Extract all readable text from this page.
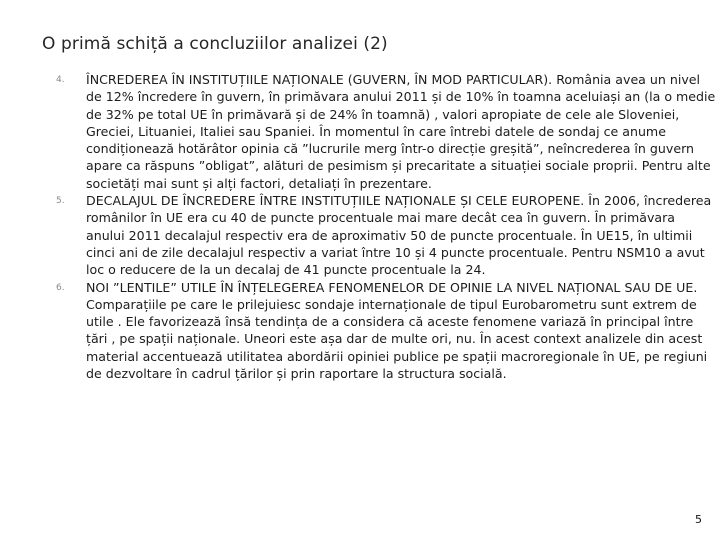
O primă schiță a concluziilor analizei (2)
4.	ÎNCREDEREA ÎN INSTITUȚIILE NAȚIONALE (GUVERN, ÎN MOD PARTICULAR). România avea un nivel de 12% încredere în guvern, în primăvara anului 2011 și de 10% în toamna aceluiași an (la o medie de 32% pe total UE în primăvară și de 24% în toamnă) , valori apropiate de cele ale Sloveniei, Greciei, Lituaniei, Italiei sau Spaniei. În momentul în care întrebi datele de sondaj ce anume condiționează hotărâtor opinia că ”lucrurile merg într-o direcție greșită”, neîncrederea în guvern apare ca răspuns ”obligat”, alături de pesimism și precaritate a situației sociale proprii. Pentru alte societăți mai sunt și alți factori, detaliați în prezentare.
5.	DECALAJUL DE ÎNCREDERE ÎNTRE INSTITUȚIILE NAȚIONALE ȘI CELE EUROPENE. În 2006, încrederea românilor în UE era cu 40 de puncte procentuale mai mare decât cea în guvern. În primăvara anului 2011 decalajul respectiv era de aproximativ 50 de puncte procentuale. În UE15, în ultimii cinci ani de zile decalajul respectiv a variat între 10 și 4 puncte procentuale. Pentru NSM10 a avut loc o reducere de la un decalaj de 41 puncte procentuale la 24.
6.	NOI ”LENTILE” UTILE ÎN ÎNȚELEGEREA FENOMENELOR DE OPINIE LA NIVEL NAȚIONAL SAU DE UE. Comparațiile pe care le prilejuiesc sondaje internaționale de tipul Eurobarometru sunt extrem de utile . Ele favorizează însă tendința de a considera că aceste fenomene variază în principal între țări , pe spații naționale. Uneori este așa dar de multe ori, nu. În acest context analizele din acest material accentuează utilitatea abordării opiniei publice pe spații macroregionale în UE, pe regiuni de dezvoltare în cadrul țărilor și prin raportare la structura socială.
5
